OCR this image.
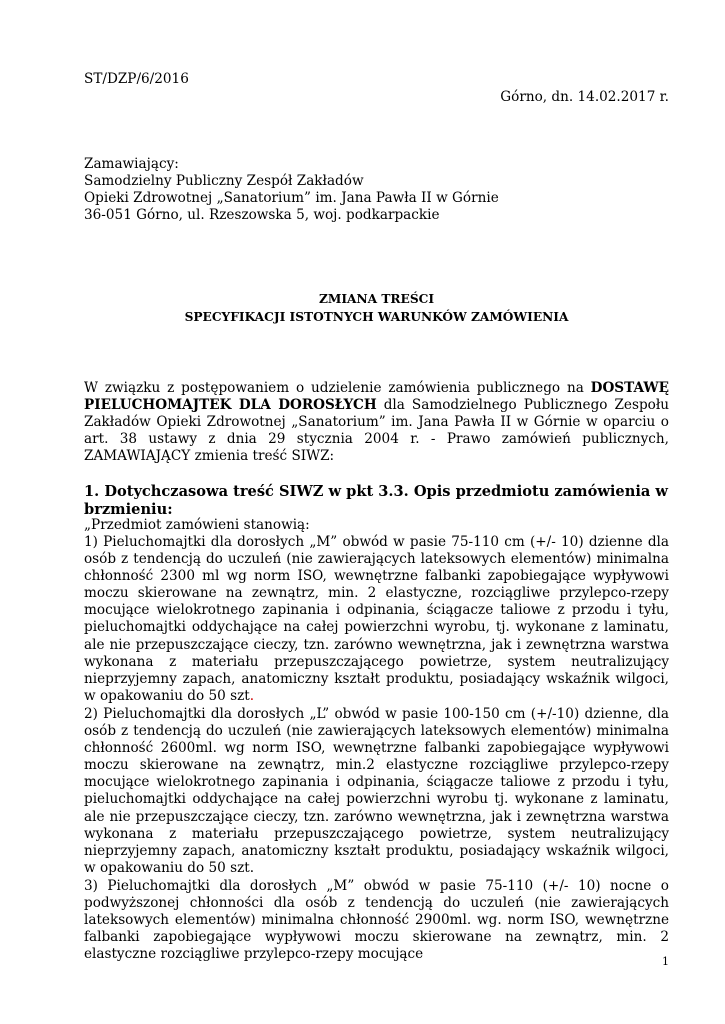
ST/DZP/6/2016
Górno, dn. 14.02.2017 r.

Zamawiający:

Samodzielny Publiczny Zespół Zakładów

Opieki Zdrowotnej „Sanatorium” im. Jana Pawła II w Górnie

36-051 Górno, ul. Rzeszowska 5, woj. podkarpackie

ZMIANA TREŚCI
SPECYFIKACJI ISTOTNYCH WARUNKÓW ZAMÓWIENIA

W związku z postępowaniem o udzielenie zamówienia publicznego na DOSTAWĘ PIELUCHOMAJTEK DLA DOROSŁYCH dla Samodzielnego Publicznego Zespołu Zakładów Opieki Zdrowotnej „Sanatorium” im. Jana Pawła II w Górnie w oparciu o art. 38 ustawy z dnia 29 stycznia 2004 r. - Prawo zamówień publicznych, ZAMAWIAJĄCY zmienia treść SIWZ:

1. Dotychczasowa treść SIWZ w pkt 3.3. Opis przedmiotu zamówienia w brzmieniu:
„Przedmiot zamówieni stanowią:

1) Pieluchomajtki dla dorosłych „M” obwód w pasie 75-110 cm (+/- 10) dzienne dla osób z tendencją do uczuleń (nie zawierających lateksowych elementów) minimalna chłonność 2300 ml wg norm ISO, wewnętrzne falbanki zapobiegające wypływowi moczu skierowane na zewnątrz, min. 2 elastyczne, rozciągliwe przylepco-rzepy mocujące wielokrotnego zapinania i odpinania, ściągacze taliowe z przodu i tyłu, pieluchomajtki oddychające na całej powierzchni wyrobu, tj. wykonane z laminatu, ale nie przepuszczające cieczy, tzn. zarówno wewnętrzna, jak i zewnętrzna warstwa wykonana z materiału przepuszczającego powietrze, system neutralizujący nieprzyjemny zapach, anatomiczny kształt produktu, posiadający wskaźnik wilgoci, w opakowaniu do 50 szt.

2) Pieluchomajtki dla dorosłych „L” obwód w pasie 100-150 cm (+/-10) dzienne, dla osób z tendencją do uczuleń (nie zawierających lateksowych elementów) minimalna chłonność 2600ml. wg norm ISO, wewnętrzne falbanki zapobiegające wypływowi moczu skierowane na zewnątrz, min.2 elastyczne rozciągliwe przylepco-rzepy mocujące wielokrotnego zapinania i odpinania, ściągacze taliowe z przodu i tyłu, pieluchomajtki oddychające na całej powierzchni wyrobu tj. wykonane z laminatu, ale nie przepuszczające cieczy, tzn. zarówno wewnętrzna, jak i zewnętrzna warstwa wykonana z materiału przepuszczającego powietrze, system neutralizujący nieprzyjemny zapach, anatomiczny kształt produktu, posiadający wskaźnik wilgoci, w opakowaniu do 50 szt.

3) Pieluchomajtki dla dorosłych „M” obwód w pasie 75-110 (+/- 10) nocne o podwyższonej chłonności dla osób z tendencją do uczuleń (nie zawierających lateksowych elementów) minimalna chłonność 2900ml. wg. norm ISO, wewnętrzne falbanki zapobiegające wypływowi moczu skierowane na zewnątrz, min. 2 elastyczne rozciągliwe przylepco-rzepy mocujące	1
